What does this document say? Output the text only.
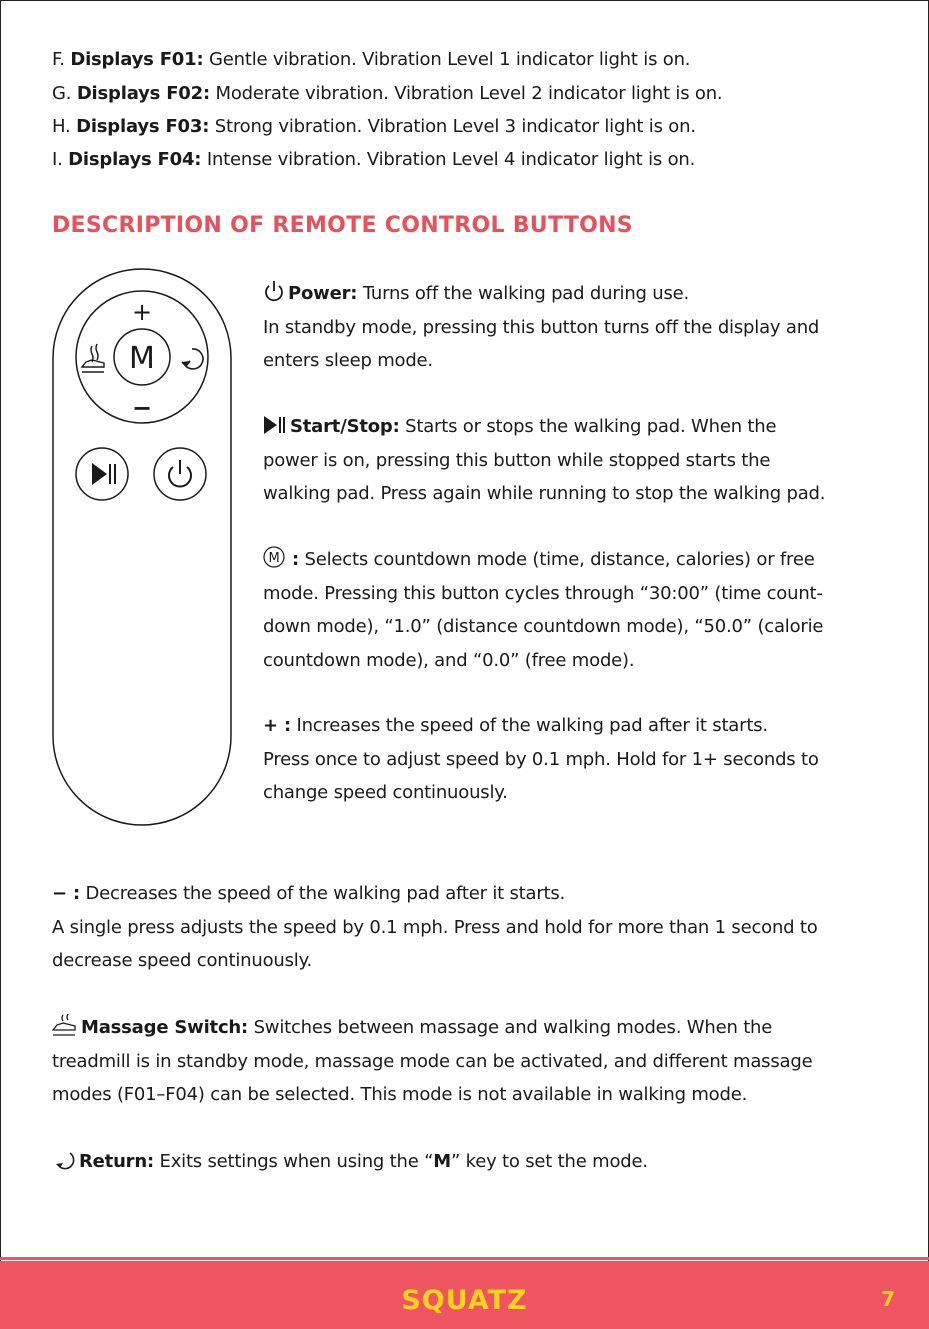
F. Displays F01: Gentle vibration. Vibration Level 1 indicator light is on.
G. Displays F02: Moderate vibration. Vibration Level 2 indicator light is on.
H. Displays F03: Strong vibration. Vibration Level 3 indicator light is on.
I. Displays F04: Intense vibration. Vibration Level 4 indicator light is on.
DESCRIPTION OF REMOTE CONTROL BUTTONS
+
−
M
Power: Turns off the walking pad during use.
In standby mode, pressing this button turns off the display and
enters sleep mode.
Start/Stop: Starts or stops the walking pad. When the
power is on, pressing this button while stopped starts the
walking pad. Press again while running to stop the walking pad.
M : Selects countdown mode (time, distance, calories) or free
mode. Pressing this button cycles through “30:00” (time count-
down mode), “1.0” (distance countdown mode), “50.0” (calorie
countdown mode), and “0.0” (free mode).
+ : Increases the speed of the walking pad after it starts.
Press once to adjust speed by 0.1 mph. Hold for 1+ seconds to
change speed continuously.
− : Decreases the speed of the walking pad after it starts.
A single press adjusts the speed by 0.1 mph. Press and hold for more than 1 second to
decrease speed continuously.
Massage Switch: Switches between massage and walking modes. When the
treadmill is in standby mode, massage mode can be activated, and different massage
modes (F01–F04) can be selected. This mode is not available in walking mode.
Return: Exits settings when using the “M” key to set the mode.
SQUATZ	7
